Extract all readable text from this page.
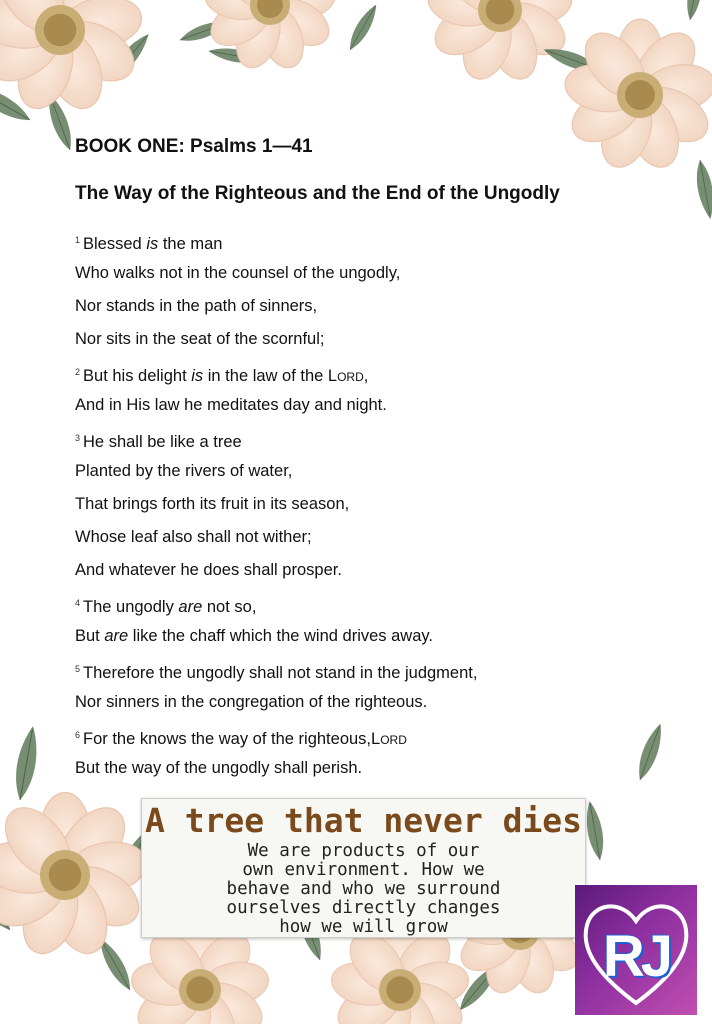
BOOK ONE: Psalms 1—41
The Way of the Righteous and the End of the Ungodly
$^1$ Blessed is the man
Who walks not in the counsel of the ungodly,
Nor stands in the path of sinners,
Nor sits in the seat of the scornful;
$^2$ But his delight is in the law of the Lord,
And in His law he meditates day and night.
$^3$ He shall be like a tree
Planted by the rivers of water,
That brings forth its fruit in its season,
Whose leaf also shall not wither;
And whatever he does shall prosper.
$^4$ The ungodly are not so,
But are like the chaff which the wind drives away.
$^5$ Therefore the ungodly shall not stand in the judgment,
Nor sinners in the congregation of the righteous.
$^6$ For the knows the way of the righteous,Lord
But the way of the ungodly shall perish.
A tree that never dies
We are products of our
own environment. How we
behave and who we surround
ourselves directly changes
how we will grow	RJ
